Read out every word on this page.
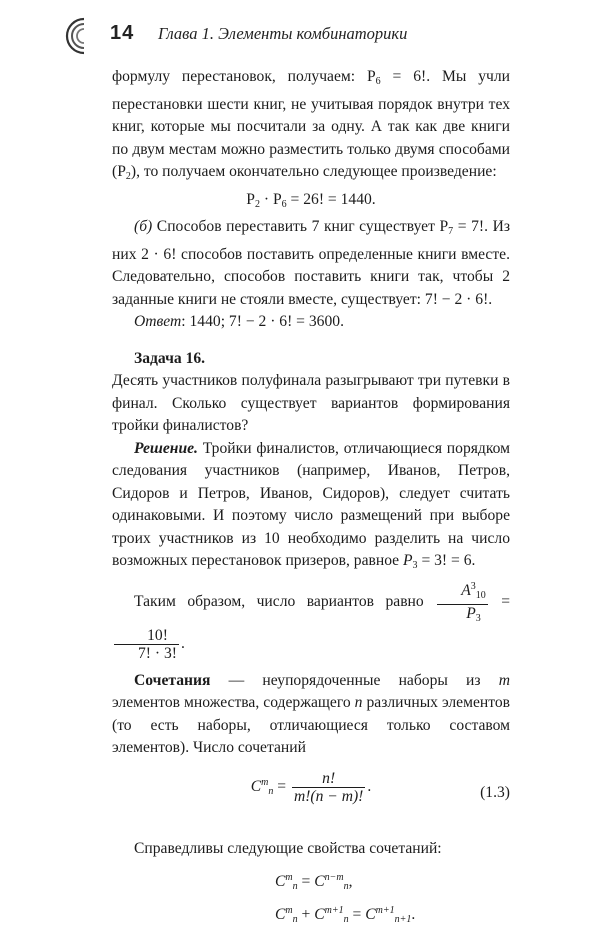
14 Глава 1. Элементы комбинаторики

формулу перестановок, получаем: $P_6 = 6$!. Мы учли перестановки шести книг, не учитывая порядок внутри тех книг, которые мы посчитали за одну. А так как две книги по двум местам можно разместить только двумя способами $(P_2)$, то получаем окончательно следующее произведение:

$P_2 \cdot P_6 = 26$! = 1440.

(б) Способов переставить 7 книг существует $P_7 = 7$!. Из них 2 · 6! способов поставить определенные книги вместе. Следовательно, способов поставить книги так, чтобы 2 заданные книги не стояли вместе, существует: 7! − 2 · 6!.

Ответ: 1440; 7! − 2 · 6! = 3600.

Задача 16.

Десять участников полуфинала разыгрывают три путевки в финал. Сколько существует вариантов формирования тройки финалистов?

Решение. Тройки финалистов, отличающиеся порядком следования участников (например, Иванов, Петров, Сидоров и Петров, Иванов, Сидоров), следует считать одинаковыми. И поэтому число размещений при выборе троих участников из 10 необходимо разделить на число возможных перестановок призеров, равное $P_3 = 3$! = 6.

Таким образом, число вариантов равно $\frac{A^3_{10}}{P_3}$ =
$\frac{10!}{7! \cdot 3!}$ .

Сочетания — неупорядоченные наборы из m элементов множества, содержащего n различных элементов (то есть наборы, отличающиеся только составом элементов). Число сочетаний

$C^m_n = \frac{n!}{m!(n - m)!}$ .	(1.3)

Справедливы следующие свойства сочетаний:

$C^m_n = C^{n-m}_n$,
$C^m_n + C^{m+1}_n = C^{m+1}_{n+1}$.
